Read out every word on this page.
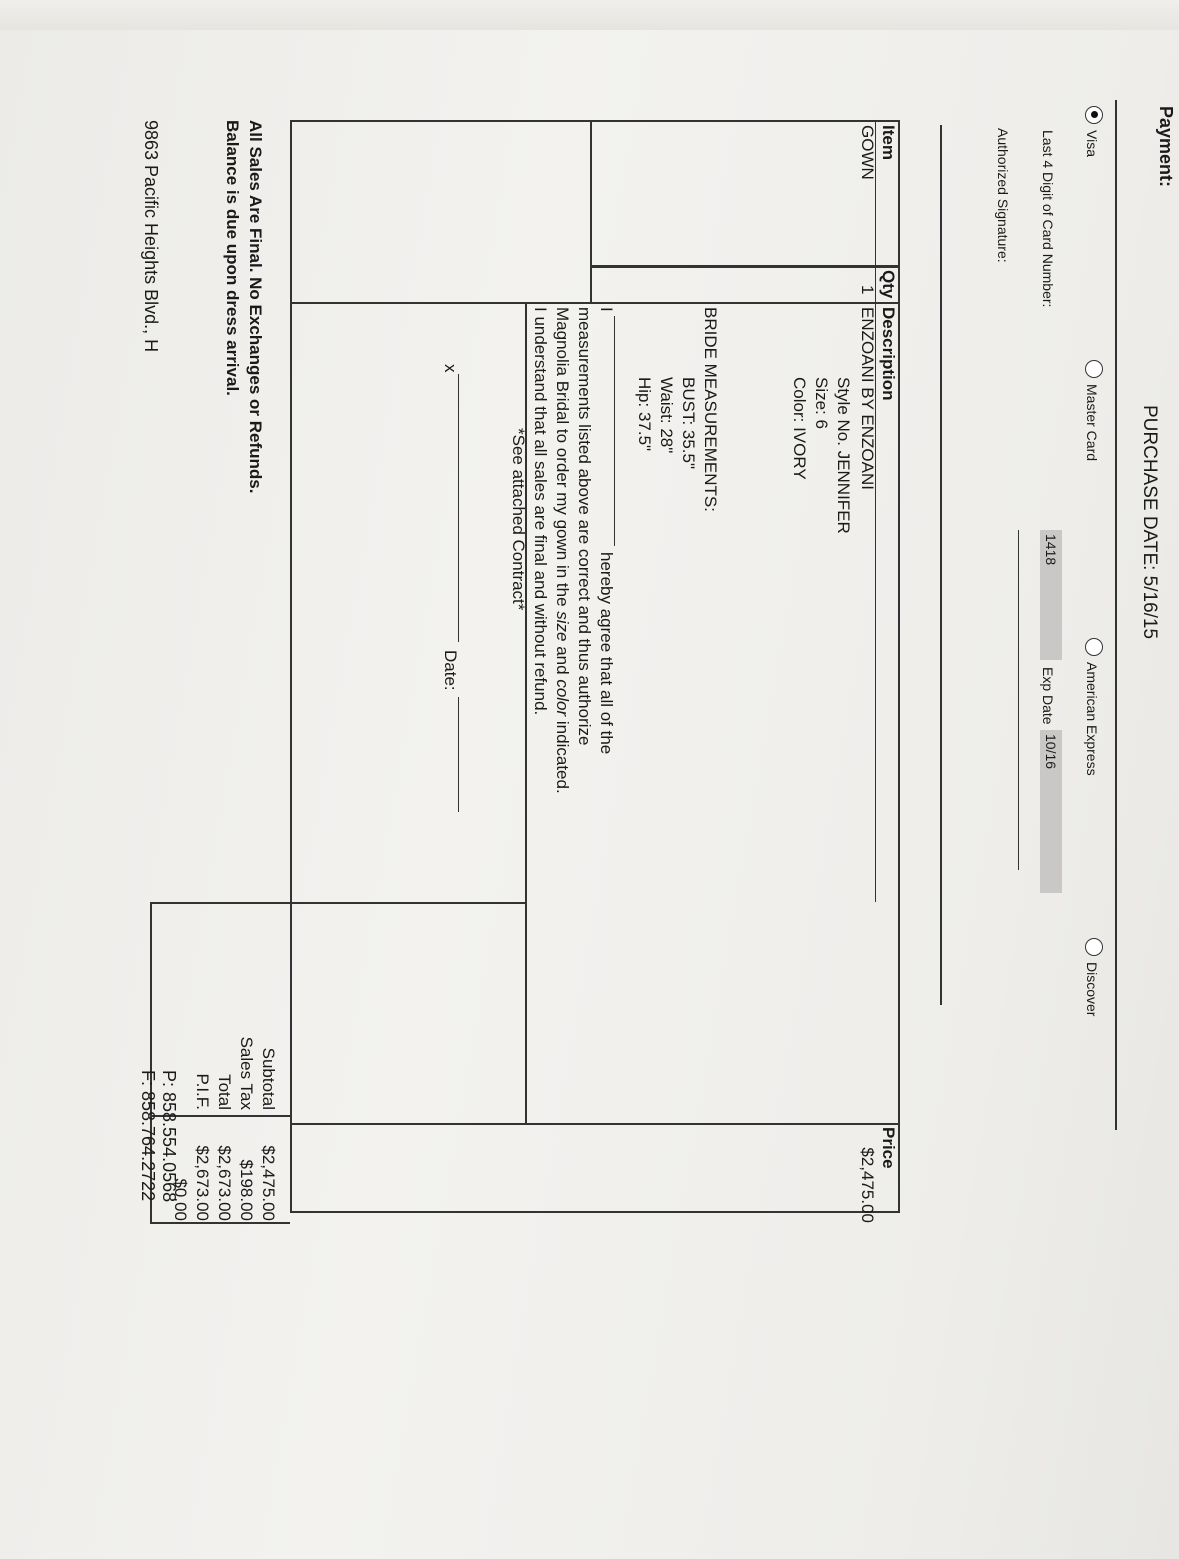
PURCHASE DATE: 5/16/15
Payment:
Visa
Master Card
American Express
Discover
Last 4 Digit of Card Number:
1418
Exp Date
10/16
Authorized Signature:
Item
Qty
Description
Price
GOWN
1
ENZOANI BY ENZOANI
Style No. JENNIFER
Size: 6
Color: IVORY
$2,475.00
BRIDE MEASUREMENTS:
BUST: 35.5"
Waist: 28"
Hip: 37.5"
I
hereby agree that all of the
measurements listed above are correct and thus authorize
Magnolia Bridal to order my gown in the size and color indicated.
I understand that all sales are final and without refund.
*See attached Contract*
x
Date:
Subtotal
$2,475.00
Sales Tax
$198.00
Total
$2,673.00
P.I.F.
$2,673.00
$0.00
All Sales Are Final. No Exchanges or Refunds.
Balance is due upon dress arrival.
9863 Pacific Heights Blvd., H
P: 858.554.0568
F: 858.764.2722
